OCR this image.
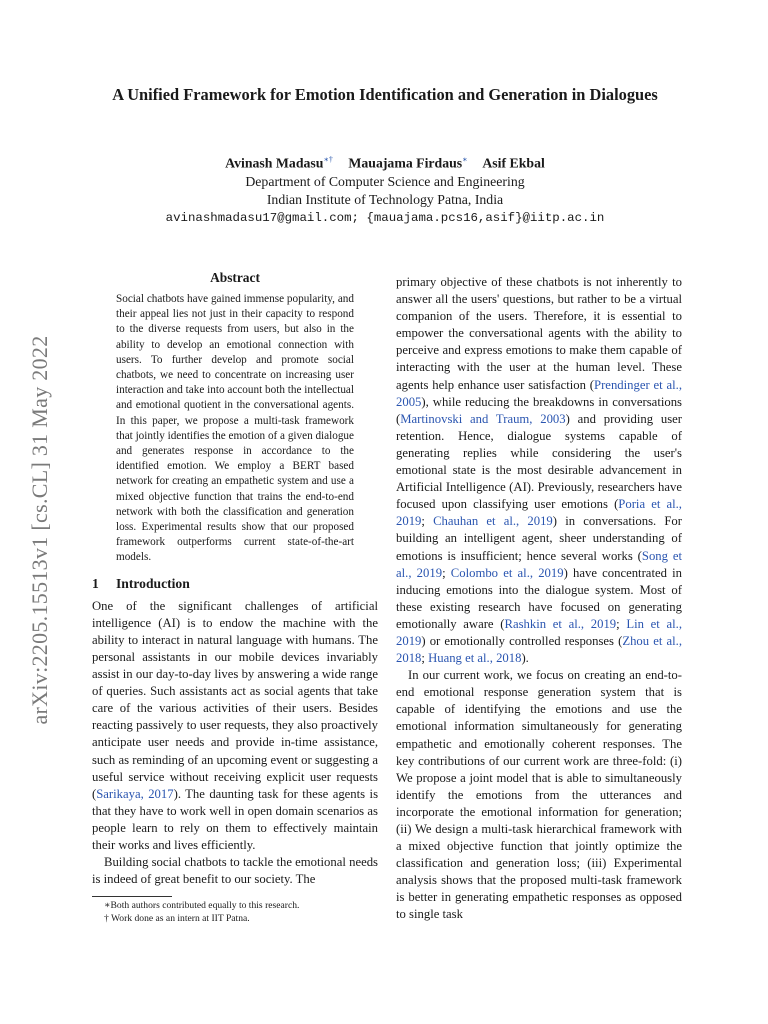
arXiv:2205.15513v1 [cs.CL] 31 May 2022
A Unified Framework for Emotion Identification and Generation in Dialogues
Avinash Madasu∗† Mauajama Firdaus∗ Asif Ekbal
Department of Computer Science and Engineering
Indian Institute of Technology Patna, India
avinashmadasu17@gmail.com; {mauajama.pcs16,asif}@iitp.ac.in
Abstract

Social chatbots have gained immense popularity, and their appeal lies not just in their capacity to respond to the diverse requests from users, but also in the ability to develop an emotional connection with users. To further develop and promote social chatbots, we need to concentrate on increasing user interaction and take into account both the intellectual and emotional quotient in the conversational agents. In this paper, we propose a multi-task framework that jointly identifies the emotion of a given dialogue and generates response in accordance to the identified emotion. We employ a BERT based network for creating an empathetic system and use a mixed objective function that trains the end-to-end network with both the classification and generation loss. Experimental results show that our proposed framework outperforms current state-of-the-art models.

1 Introduction

One of the significant challenges of artificial intelligence (AI) is to endow the machine with the ability to interact in natural language with humans. The personal assistants in our mobile devices invariably assist in our day-to-day lives by answering a wide range of queries. Such assistants act as social agents that take care of the various activities of their users. Besides reacting passively to user requests, they also proactively anticipate user needs and provide in-time assistance, such as reminding of an upcoming event or suggesting a useful service without receiving explicit user requests (Sarikaya, 2017). The daunting task for these agents is that they have to work well in open domain scenarios as people learn to rely on them to effectively maintain their works and lives efficiently.

Building social chatbots to tackle the emotional needs is indeed of great benefit to our society. The

∗Both authors contributed equally to this research.

† Work done as an intern at IIT Patna.

primary objective of these chatbots is not inherently to answer all the users' questions, but rather to be a virtual companion of the users. Therefore, it is essential to empower the conversational agents with the ability to perceive and express emotions to make them capable of interacting with the user at the human level. These agents help enhance user satisfaction (Prendinger et al., 2005), while reducing the breakdowns in conversations (Martinovski and Traum, 2003) and providing user retention. Hence, dialogue systems capable of generating replies while considering the user's emotional state is the most desirable advancement in Artificial Intelligence (AI). Previously, researchers have focused upon classifying user emotions (Poria et al., 2019; Chauhan et al., 2019) in conversations. For building an intelligent agent, sheer understanding of emotions is insufficient; hence several works (Song et al., 2019; Colombo et al., 2019) have concentrated in inducing emotions into the dialogue system. Most of these existing research have focused on generating emotionally aware (Rashkin et al., 2019; Lin et al., 2019) or emotionally controlled responses (Zhou et al., 2018; Huang et al., 2018).

In our current work, we focus on creating an end-to-end emotional response generation system that is capable of identifying the emotions and use the emotional information simultaneously for generating empathetic and emotionally coherent responses. The key contributions of our current work are three-fold: (i) We propose a joint model that is able to simultaneously identify the emotions from the utterances and incorporate the emotional information for generation; (ii) We design a multi-task hierarchical framework with a mixed objective function that jointly optimize the classification and generation loss; (iii) Experimental analysis shows that the proposed multi-task framework is better in generating empathetic responses as opposed to single task
